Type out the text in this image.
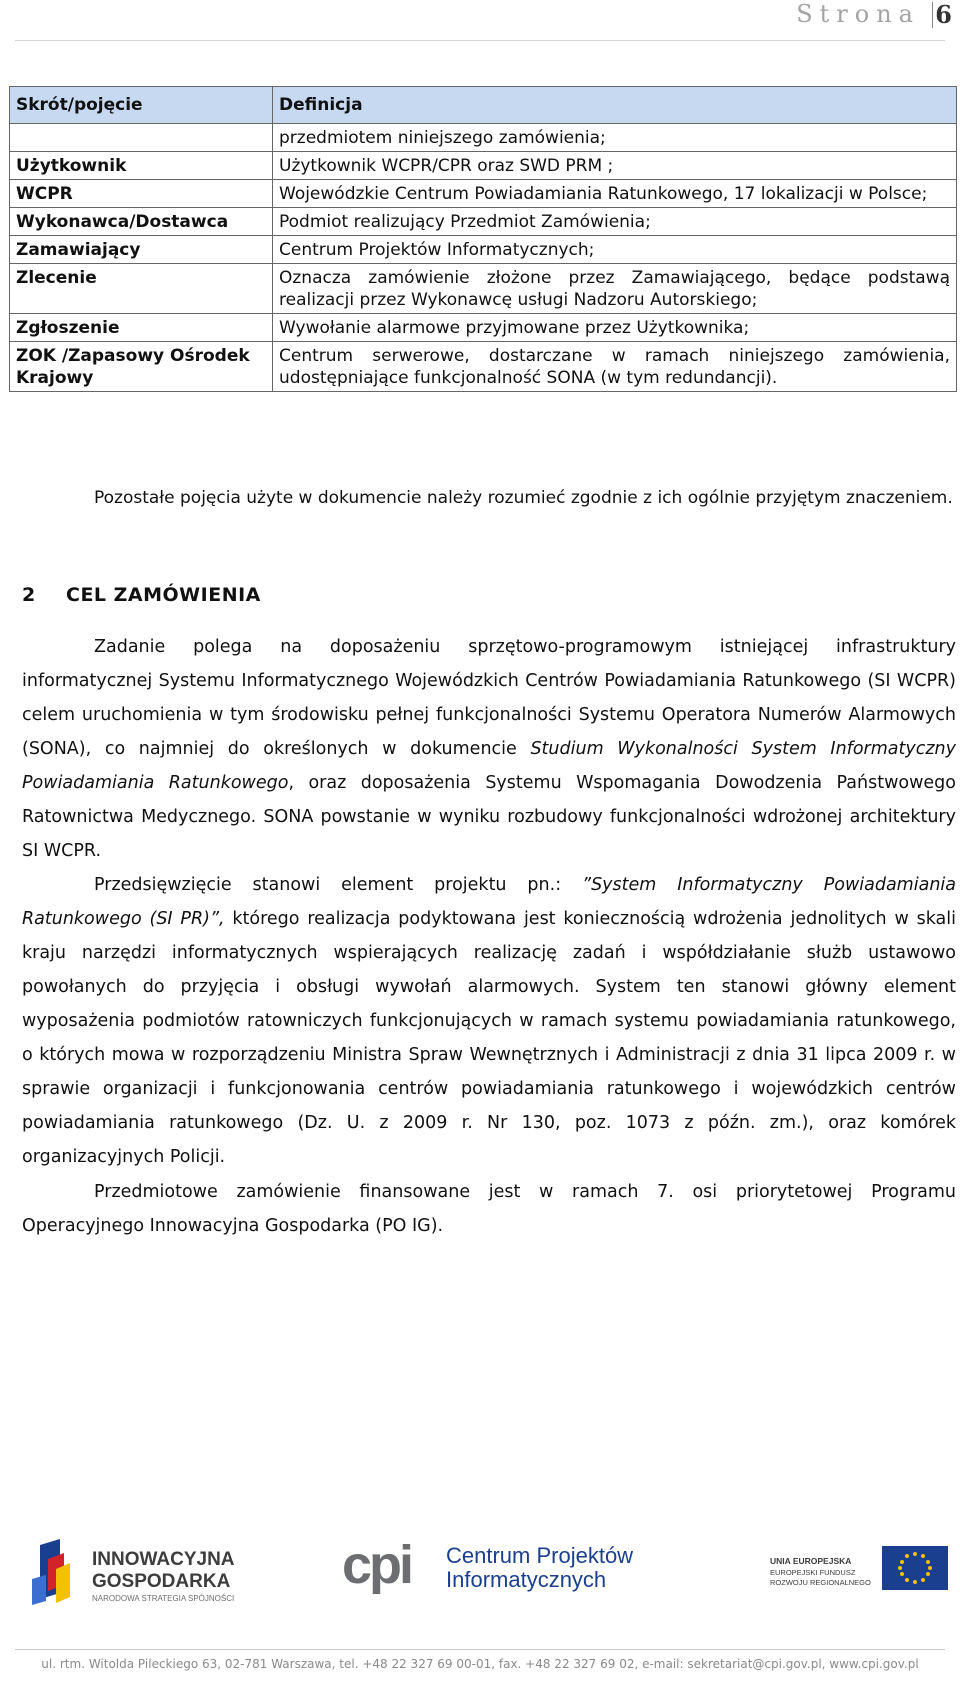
Strona 6
Skrót/pojęcie	Definicja
	przedmiotem niniejszego zamówienia;
Użytkownik	Użytkownik WCPR/CPR oraz SWD PRM ;
WCPR	Wojewódzkie Centrum Powiadamiania Ratunkowego, 17 lokalizacji w Polsce;
Wykonawca/Dostawca	Podmiot realizujący Przedmiot Zamówienia;
Zamawiający	Centrum Projektów Informatycznych;
Zlecenie	Oznacza zamówienie złożone przez Zamawiającego, będące podstawą realizacji przez Wykonawcę usługi Nadzoru Autorskiego;
Zgłoszenie	Wywołanie alarmowe przyjmowane przez Użytkownika;
ZOK /Zapasowy Ośrodek Krajowy	Centrum serwerowe, dostarczane w ramach niniejszego zamówienia, udostępniające funkcjonalność SONA (w tym redundancji).

Pozostałe pojęcia użyte w dokumencie należy rozumieć zgodnie z ich ogólnie przyjętym znaczeniem.

2 CEL ZAMÓWIENIA

Zadanie polega na doposażeniu sprzętowo-programowym istniejącej infrastruktury informatycznej Systemu Informatycznego Wojewódzkich Centrów Powiadamiania Ratunkowego (SI WCPR) celem uruchomienia w tym środowisku pełnej funkcjonalności Systemu Operatora Numerów Alarmowych (SONA), co najmniej do określonych w dokumencie Studium Wykonalności System Informatyczny Powiadamiania Ratunkowego, oraz doposażenia Systemu Wspomagania Dowodzenia Państwowego Ratownictwa Medycznego. SONA powstanie w wyniku rozbudowy funkcjonalności wdrożonej architektury SI WCPR.

Przedsięwzięcie stanowi element projektu pn.: ”System Informatyczny Powiadamiania Ratunkowego (SI PR)”, którego realizacja podyktowana jest koniecznością wdrożenia jednolitych w skali kraju narzędzi informatycznych wspierających realizację zadań i współdziałanie służb ustawowo powołanych do przyjęcia i obsługi wywołań alarmowych. System ten stanowi główny element wyposażenia podmiotów ratowniczych funkcjonujących w ramach systemu powiadamiania ratunkowego, o których mowa w rozporządzeniu Ministra Spraw Wewnętrznych i Administracji z dnia 31 lipca 2009 r. w sprawie organizacji i funkcjonowania centrów powiadamiania ratunkowego i wojewódzkich centrów powiadamiania ratunkowego (Dz. U. z 2009 r. Nr 130, poz. 1073 z późn. zm.), oraz komórek organizacyjnych Policji.

Przedmiotowe zamówienie finansowane jest w ramach 7. osi priorytetowej Programu Operacyjnego Innowacyjna Gospodarka (PO IG).

INNOWACYJNA
GOSPODARKA
NARODOWA STRATEGIA SPÓJNOŚCI
cpi Centrum Projektów
Informatycznych
UNIA EUROPEJSKA
EUROPEJSKI FUNDUSZ
ROZWOJU REGIONALNEGO
ul. rtm. Witolda Pileckiego 63, 02-781 Warszawa, tel. +48 22 327 69 00-01, fax. +48 22 327 69 02, e-mail: sekretariat@cpi.gov.pl, www.cpi.gov.pl
